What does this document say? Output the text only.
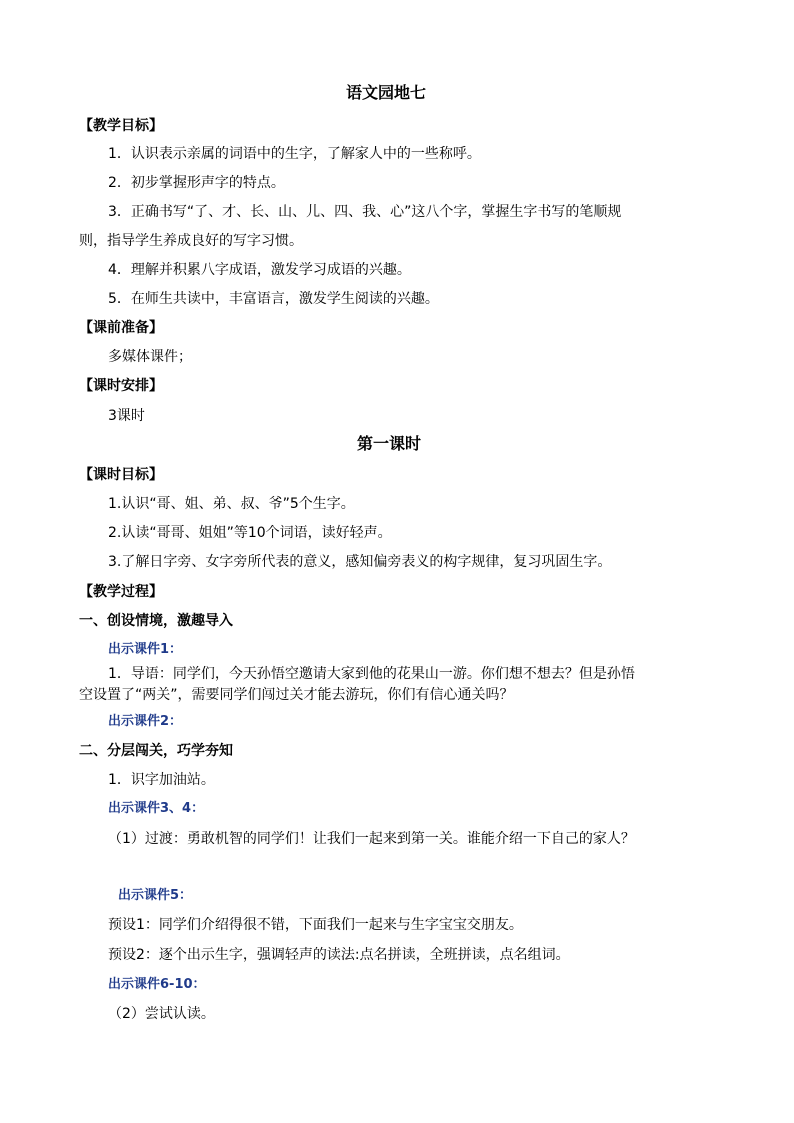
语文园地七
【教学目标】
1．认识表示亲属的词语中的生字，了解家人中的一些称呼。
2．初步掌握形声字的特点。
3．正确书写“了、才、长、山、儿、四、我、心”这八个字，掌握生字书写的笔顺规
则，指导学生养成良好的写字习惯。
4．理解并积累八字成语，激发学习成语的兴趣。
5．在师生共读中，丰富语言，激发学生阅读的兴趣。
【课前准备】
多媒体课件；
【课时安排】
3课时
第一课时
【课时目标】
1.认识“哥、姐、弟、叔、爷”5个生字。
2.认读“哥哥、姐姐”等10个词语，读好轻声。
3.了解日字旁、女字旁所代表的意义，感知偏旁表义的构字规律，复习巩固生字。
【教学过程】
一、创设情境，激趣导入
出示课件1：
1．导语：同学们，今天孙悟空邀请大家到他的花果山一游。你们想不想去？但是孙悟
空设置了“两关”，需要同学们闯过关才能去游玩，你们有信心通关吗？
出示课件2：
二、分层闯关，巧学夯知
1．识字加油站。
出示课件3、4：
（1）过渡：勇敢机智的同学们！让我们一起来到第一关。谁能介绍一下自己的家人？
出示课件5：
预设1：同学们介绍得很不错，下面我们一起来与生字宝宝交朋友。
预设2：逐个出示生字，强调轻声的读法:点名拼读，全班拼读，点名组词。
出示课件6-10：
（2）尝试认读。
